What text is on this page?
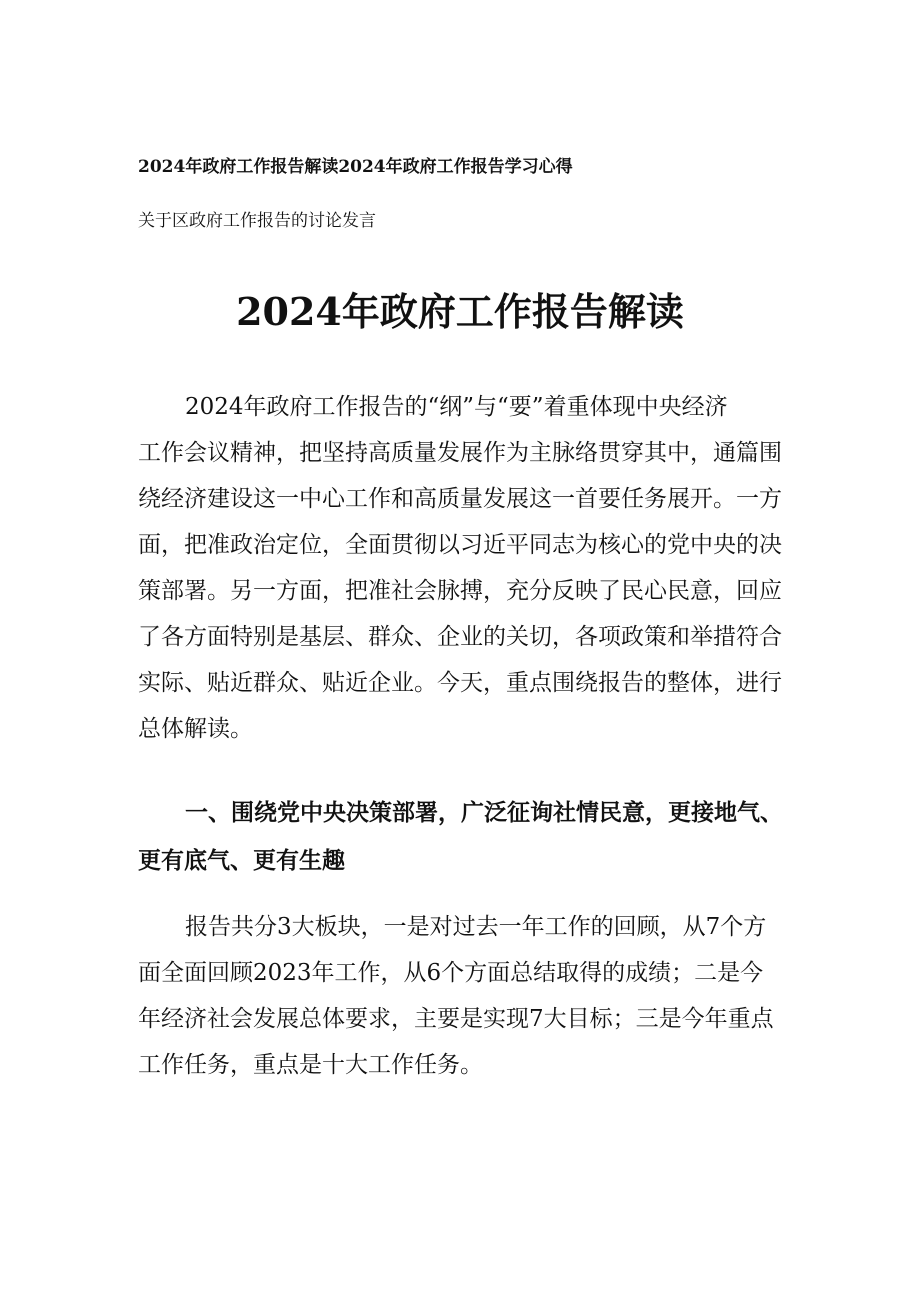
2024年政府工作报告解读2024年政府工作报告学习心得
关于区政府工作报告的讨论发言
2024年政府工作报告解读
2024年政府工作报告的“纲”与“要”着重体现中央经济
工作会议精神，把坚持高质量发展作为主脉络贯穿其中，通篇围
绕经济建设这一中心工作和高质量发展这一首要任务展开。一方
面，把准政治定位，全面贯彻以习近平同志为核心的党中央的决
策部署。另一方面，把准社会脉搏，充分反映了民心民意，回应
了各方面特别是基层、群众、企业的关切，各项政策和举措符合
实际、贴近群众、贴近企业。今天，重点围绕报告的整体，进行
总体解读。
一、围绕党中央决策部署，广泛征询社情民意，更接地气、
更有底气、更有生趣
报告共分3大板块，一是对过去一年工作的回顾，从7个方
面全面回顾2023年工作，从6个方面总结取得的成绩；二是今
年经济社会发展总体要求，主要是实现7大目标；三是今年重点
工作任务，重点是十大工作任务。
